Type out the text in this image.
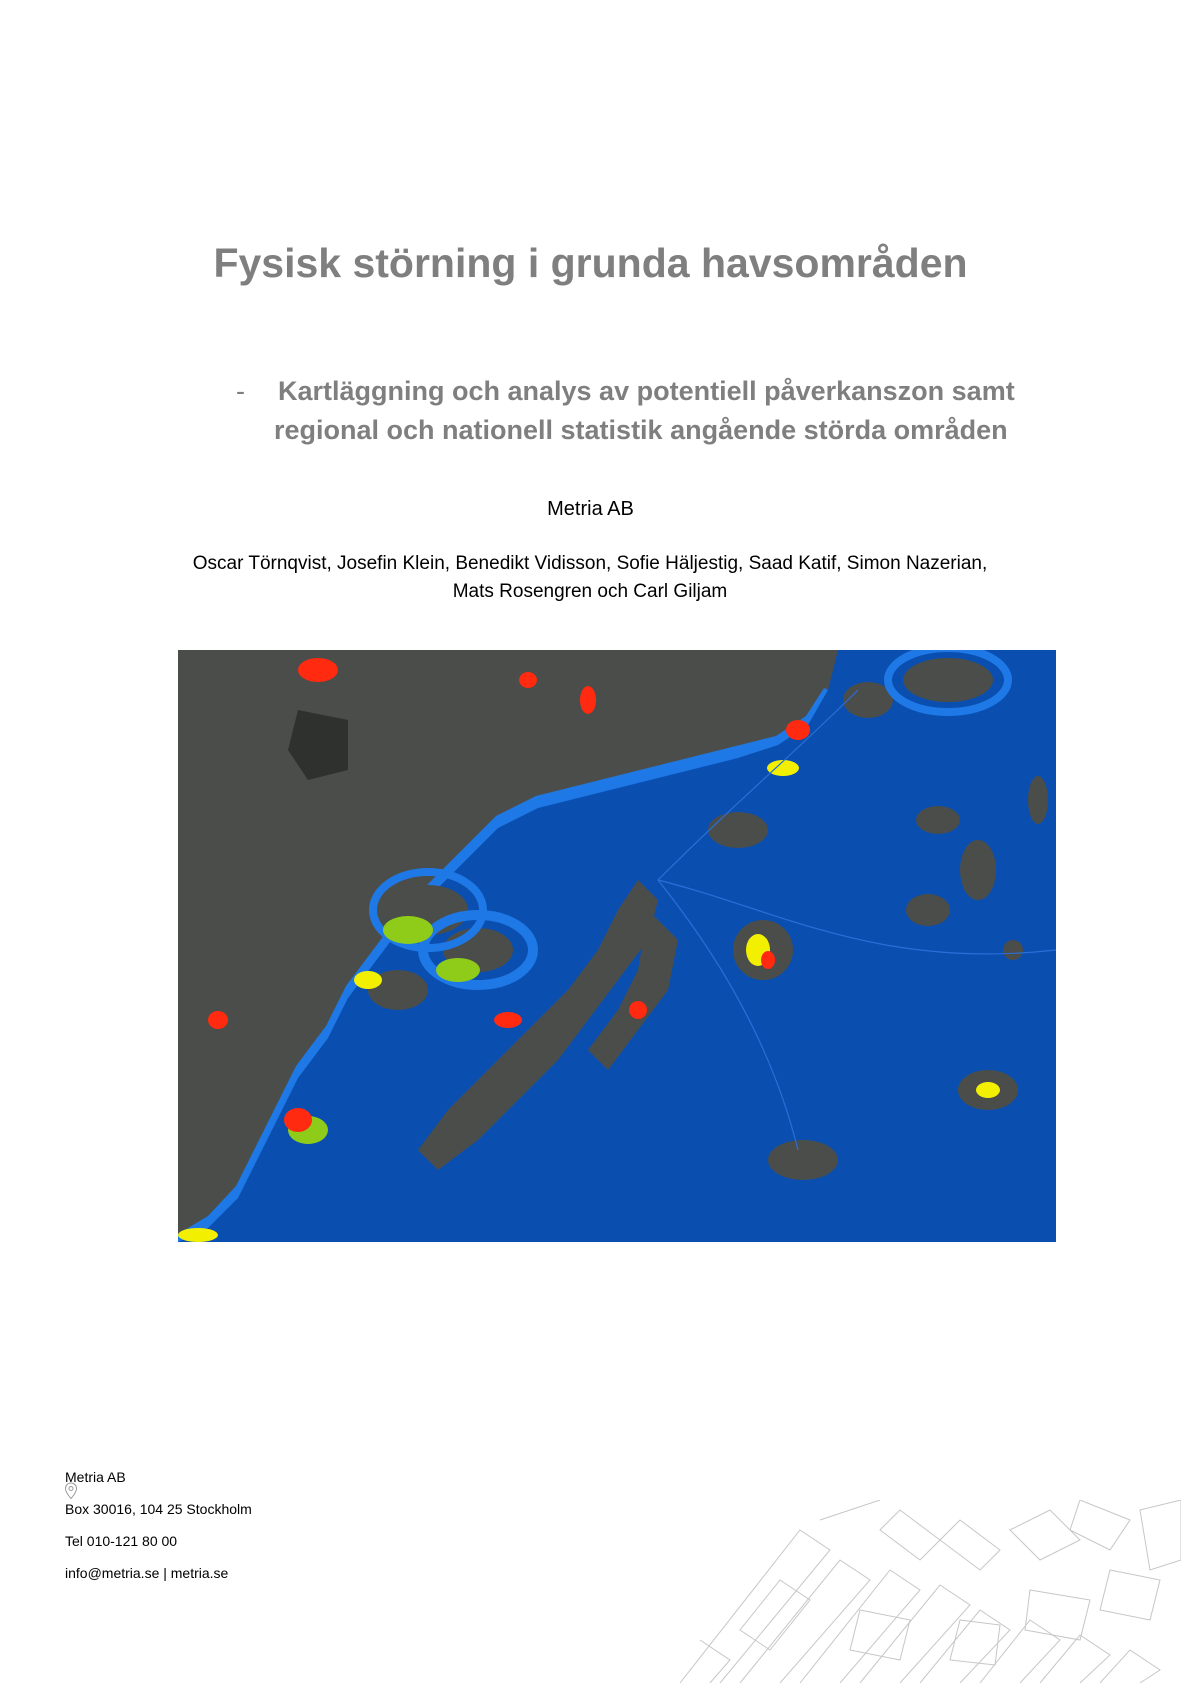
Fysisk störning i grunda havsområden
-	Kartläggning och analys av potentiell påverkanszon samt
regional och nationell statistik angående störda områden
Metria AB
Oscar Törnqvist, Josefin Klein, Benedikt Vidisson, Sofie Häljestig, Saad Katif, Simon Nazerian,
Mats Rosengren och Carl Giljam
Metria AB
Box 30016, 104 25 Stockholm
Tel 010-121 80 00
info@metria.se | metria.se
